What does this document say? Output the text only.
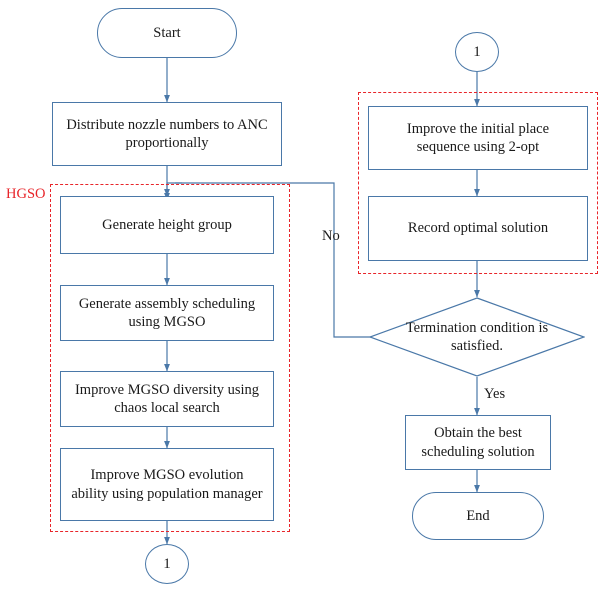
HGSO
Start
Distribute nozzle numbers to ANC proportionally
Generate height group
Generate assembly scheduling using MGSO
Improve MGSO diversity using chaos local search
Improve MGSO evolution ability using population manager
1
1
Improve the initial place sequence using 2-opt
Record optimal solution
Termination condition is satisfied.
Obtain the best scheduling solution
End
No
Yes
